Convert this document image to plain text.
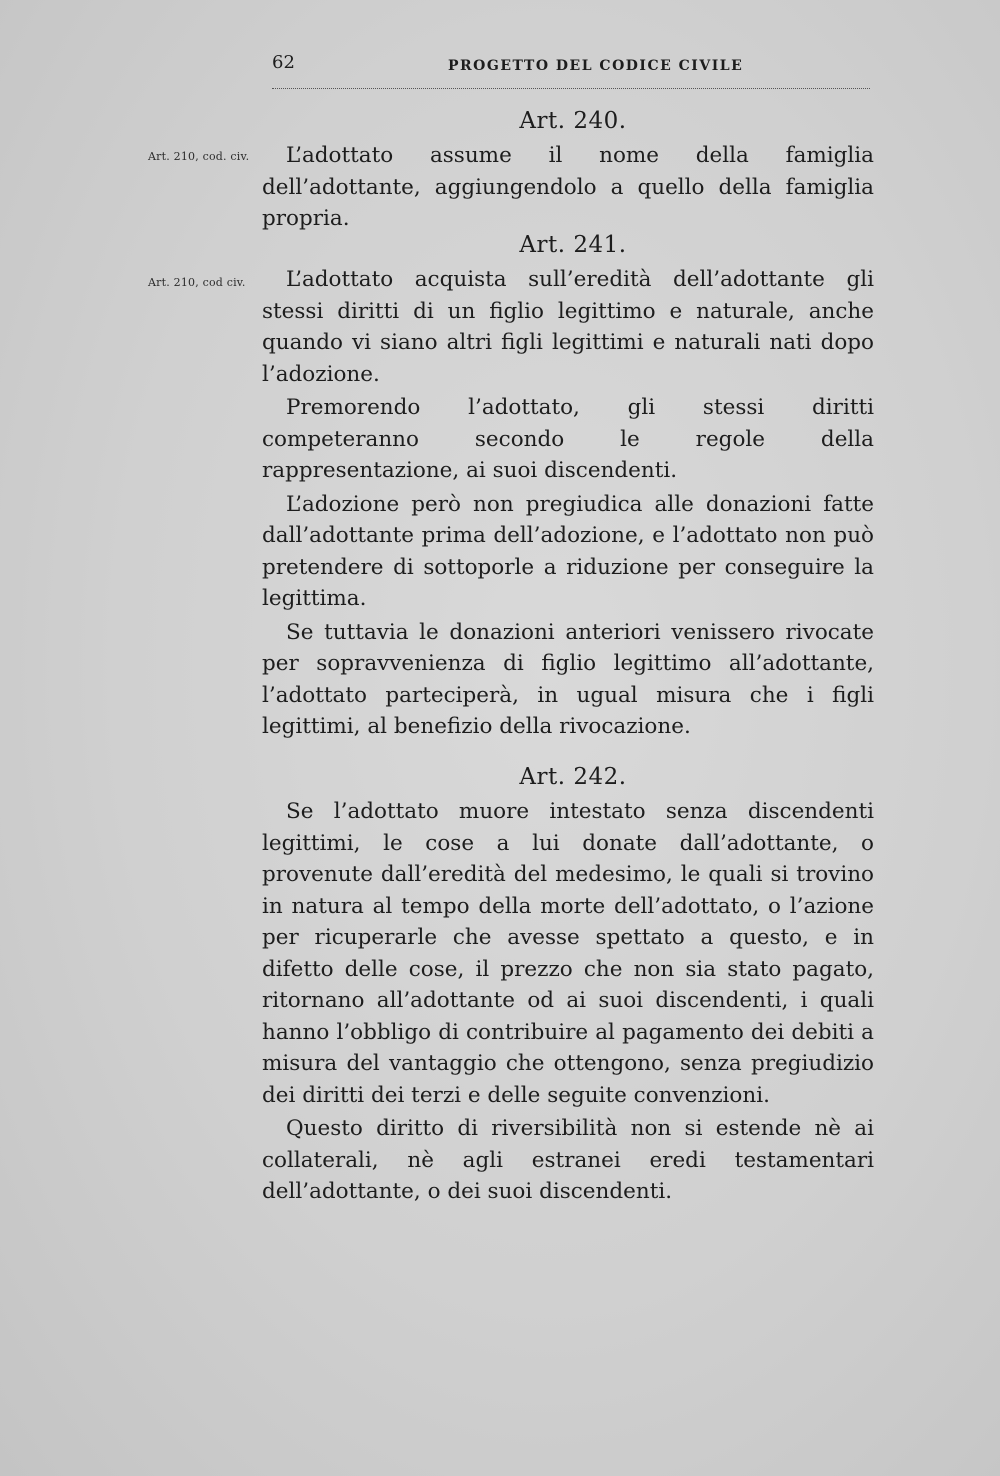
62	PROGETTO DEL CODICE CIVILE
Art. 210, cod. civ.
Art. 210, cod civ.
Art. 240.

L’adottato assume il nome della famiglia dell’adottante, aggiungendolo a quello della famiglia propria.

Art. 241.

L’adottato acquista sull’eredità dell’adottante gli stessi diritti di un figlio legittimo e naturale, anche quando vi siano altri figli legittimi e naturali nati dopo l’adozione.

Premorendo l’adottato, gli stessi diritti competeranno secondo le regole della rappresentazione, ai suoi discendenti.

L’adozione però non pregiudica alle donazioni fatte dall’adottante prima dell’adozione, e l’adottato non può pretendere di sottoporle a riduzione per conseguire la legittima.

Se tuttavia le donazioni anteriori venissero rivocate per sopravvenienza di figlio legittimo all’adottante, l’adottato parteciperà, in ugual misura che i figli legittimi, al benefizio della rivocazione.

Art. 242.

Se l’adottato muore intestato senza discendenti legittimi, le cose a lui donate dall’adottante, o provenute dall’eredità del medesimo, le quali si trovino in natura al tempo della morte dell’adottato, o l’azione per ricuperarle che avesse spettato a questo, e in difetto delle cose, il prezzo che non sia stato pagato, ritornano all’adottante od ai suoi discendenti, i quali hanno l’obbligo di contribuire al pagamento dei debiti a misura del vantaggio che ottengono, senza pregiudizio dei diritti dei terzi e delle seguite convenzioni.

Questo diritto di riversibilità non si estende nè ai collaterali, nè agli estranei eredi testamentari dell’adottante, o dei suoi discendenti.
